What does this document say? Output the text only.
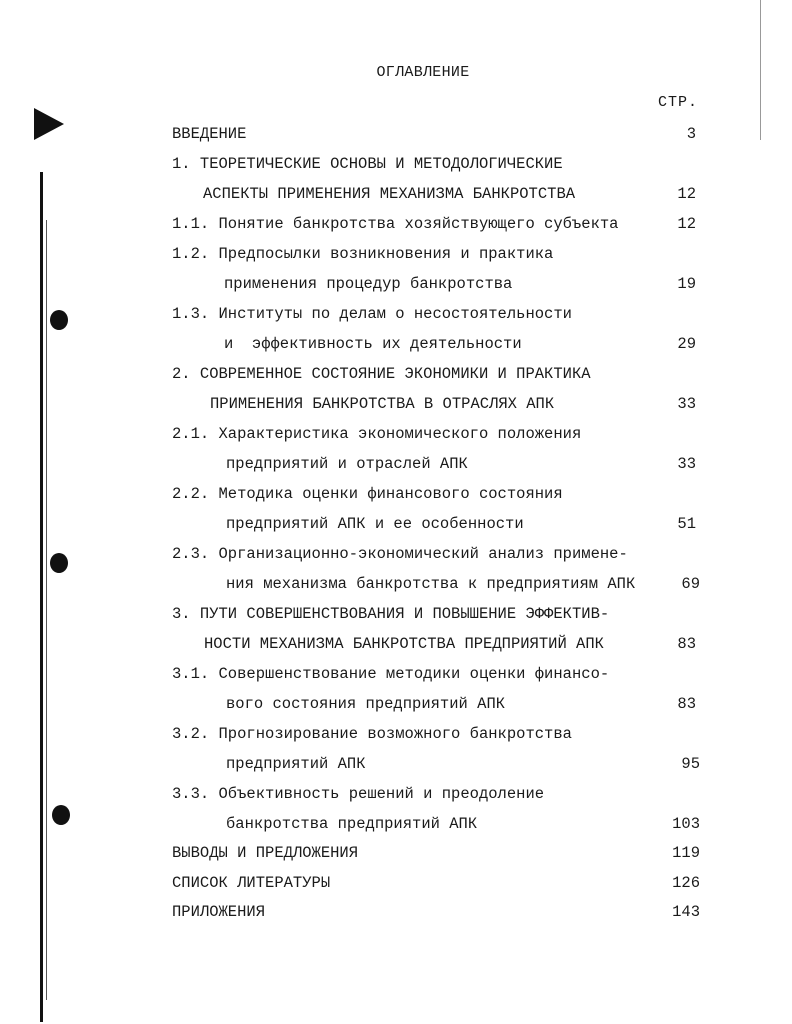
ОГЛАВЛЕНИЕ
СТР.
ВВЕДЕНИЕ	3
1. ТЕОРЕТИЧЕСКИЕ ОСНОВЫ И МЕТОДОЛОГИЧЕСКИЕ
АСПЕКТЫ ПРИМЕНЕНИЯ МЕХАНИЗМА БАНКРОТСТВА	12
1.1. Понятие банкротства хозяйствующего субъекта	12
1.2. Предпосылки возникновения и практика
применения процедур банкротства	19
1.3. Институты по делам о несостоятельности
и  эффективность их деятельности	29
2. СОВРЕМЕННОЕ СОСТОЯНИЕ ЭКОНОМИКИ И ПРАКТИКА
ПРИМЕНЕНИЯ БАНКРОТСТВА В ОТРАСЛЯХ АПК	33
2.1. Характеристика экономического положения
предприятий и отраслей АПК	33
2.2. Методика оценки финансового состояния
предприятий АПК и ее особенности	51
2.3. Организационно-экономический анализ примене-
ния механизма банкротства к предприятиям АПК	69
3. ПУТИ СОВЕРШЕНСТВОВАНИЯ И ПОВЫШЕНИЕ ЭФФЕКТИВ-
НОСТИ МЕХАНИЗМА БАНКРОТСТВА ПРЕДПРИЯТИЙ АПК	83
3.1. Совершенствование методики оценки финансо-
вого состояния предприятий АПК	83
3.2. Прогнозирование возможного банкротства
предприятий АПК	95
3.3. Объективность решений и преодоление
банкротства предприятий АПК	103
ВЫВОДЫ И ПРЕДЛОЖЕНИЯ	119
СПИСОК ЛИТЕРАТУРЫ	126
ПРИЛОЖЕНИЯ	143
